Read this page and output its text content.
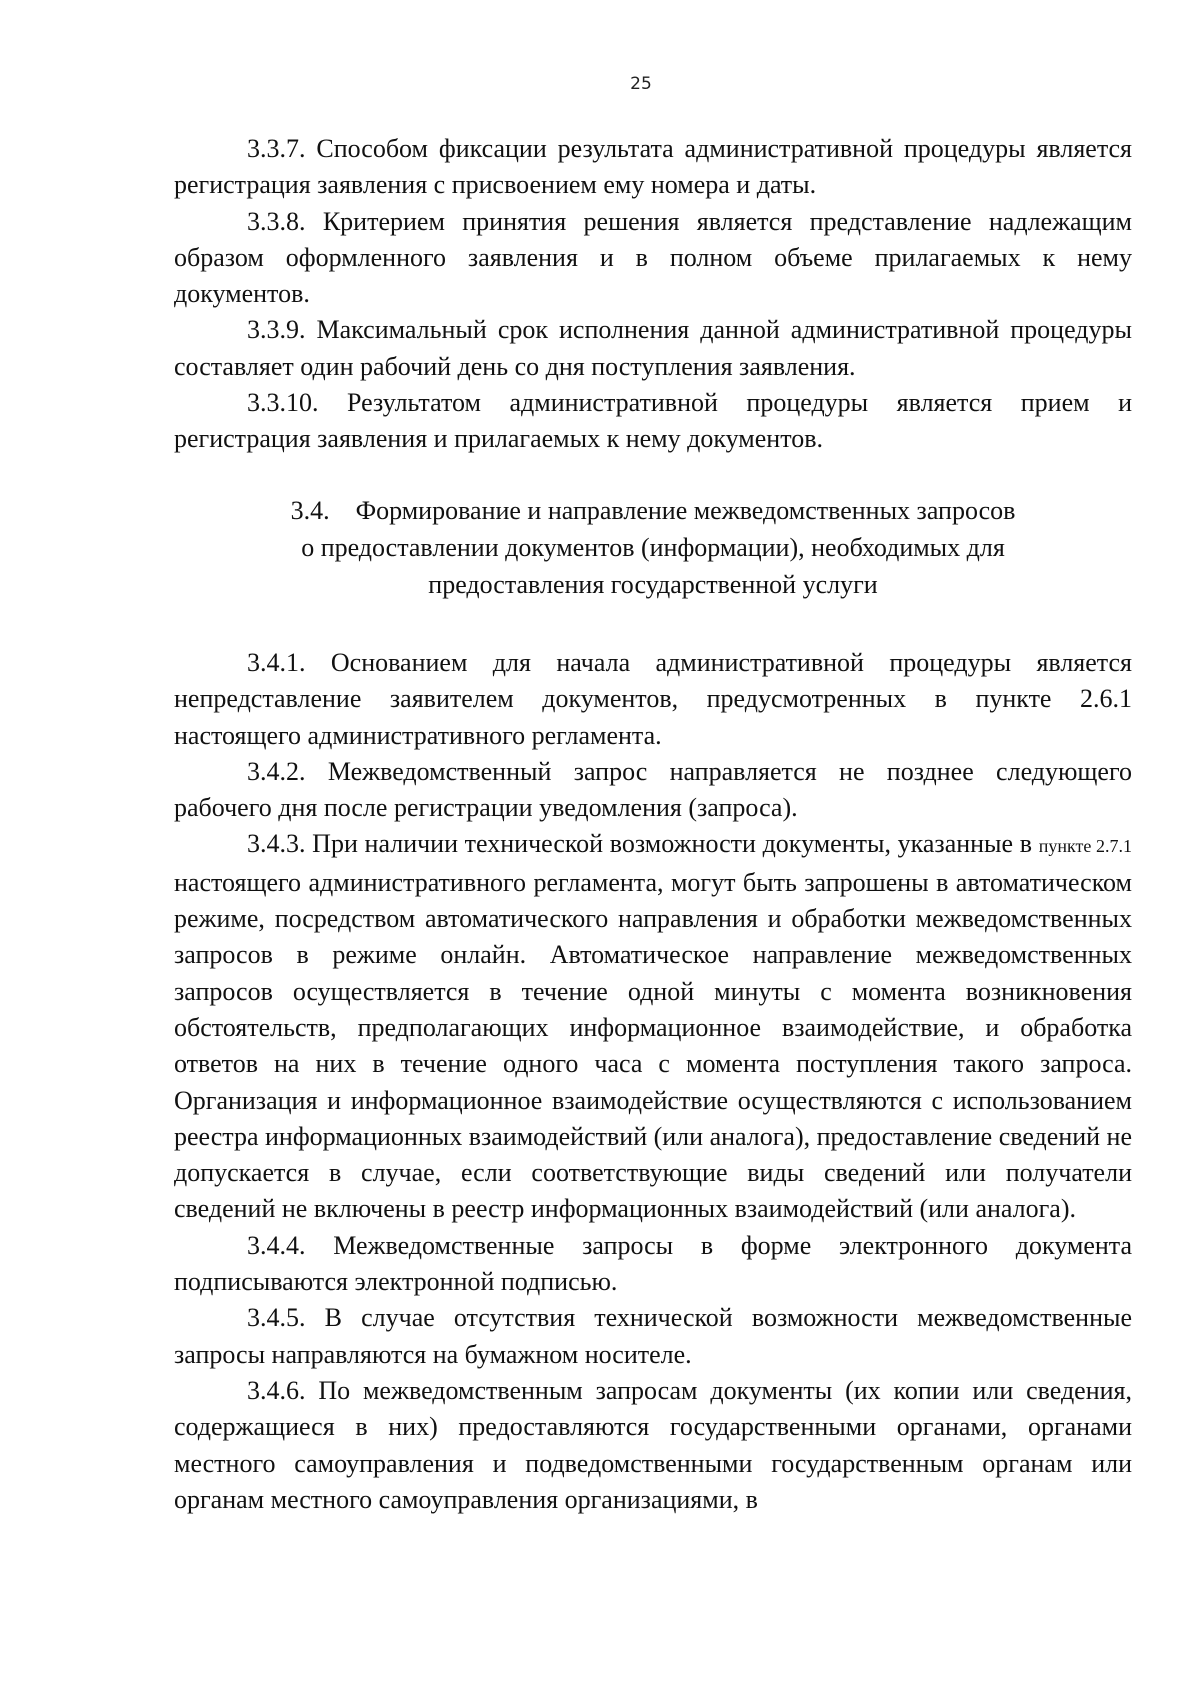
25

3.3.7. Способом фиксации результата административной процедуры является регистрация заявления с присвоением ему номера и даты.

3.3.8. Критерием принятия решения является представление надлежащим образом оформленного заявления и в полном объеме прилагаемых к нему документов.

3.3.9. Максимальный срок исполнения данной административной процедуры составляет один рабочий день со дня поступления заявления.

3.3.10. Результатом административной процедуры является прием и регистрация заявления и прилагаемых к нему документов.

3.4.    Формирование и направление межведомственных запросов
о предоставлении документов (информации), необходимых для
предоставления государственной услуги

3.4.1. Основанием для начала административной процедуры является непредставление заявителем документов, предусмотренных в пункте 2.6.1 настоящего административного регламента.

3.4.2. Межведомственный запрос направляется не позднее следующего рабочего дня после регистрации уведомления (запроса).

3.4.3. При наличии технической возможности документы, указанные в пункте 2.7.1 настоящего административного регламента, могут быть запрошены в автоматическом режиме, посредством автоматического направления и обработки межведомственных запросов в режиме онлайн. Автоматическое направление межведомственных запросов осуществляется в течение одной минуты с момента возникновения обстоятельств, предполагающих информационное взаимодействие, и обработка ответов на них в течение одного часа с момента поступления такого запроса. Организация и информационное взаимодействие осуществляются с использованием реестра информационных взаимодействий (или аналога), предоставление сведений не допускается в случае, если соответствующие виды сведений или получатели сведений не включены в реестр информационных взаимодействий (или аналога).

3.4.4. Межведомственные запросы в форме электронного документа подписываются электронной подписью.

3.4.5. В случае отсутствия технической возможности межведомственные запросы направляются на бумажном носителе.

3.4.6. По межведомственным запросам документы (их копии или сведения, содержащиеся в них) предоставляются государственными органами, органами местного самоуправления и подведомственными государственным органам или органам местного самоуправления организациями, в
